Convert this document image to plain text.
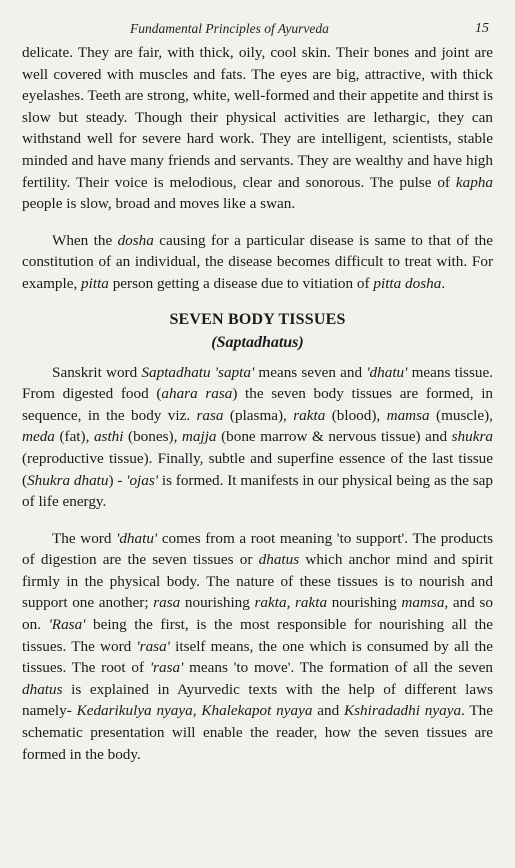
Fundamental Principles of Ayurveda	15

delicate. They are fair, with thick, oily, cool skin. Their bones and joint are well covered with muscles and fats. The eyes are big, attractive, with thick eyelashes. Teeth are strong, white, well-formed and their appetite and thirst is slow but steady. Though their physical activities are lethargic, they can withstand well for severe hard work. They are intelligent, scientists, stable minded and have many friends and servants. They are wealthy and have high fertility. Their voice is melodious, clear and sonorous. The pulse of kapha people is slow, broad and moves like a swan.

When the dosha causing for a particular disease is same to that of the constitution of an individual, the disease becomes difficult to treat with. For example, pitta person getting a disease due to vitiation of pitta dosha.

SEVEN BODY TISSUES
(Saptadhatus)

Sanskrit word Saptadhatu 'sapta' means seven and 'dhatu' means tissue. From digested food (ahara rasa) the seven body tissues are formed, in sequence, in the body viz. rasa (plasma), rakta (blood), mamsa (muscle), meda (fat), asthi (bones), majja (bone marrow & nervous tissue) and shukra (reproductive tissue). Finally, subtle and superfine essence of the last tissue (Shukra dhatu) - 'ojas' is formed. It manifests in our physical being as the sap of life energy.

The word 'dhatu' comes from a root meaning 'to support'. The products of digestion are the seven tissues or dhatus which anchor mind and spirit firmly in the physical body. The nature of these tissues is to nourish and support one another; rasa nourishing rakta, rakta nourishing mamsa, and so on. 'Rasa' being the first, is the most responsible for nourishing all the tissues. The word 'rasa' itself means, the one which is consumed by all the tissues. The root of 'rasa' means 'to move'. The formation of all the seven dhatus is explained in Ayurvedic texts with the help of different laws namely- Kedarikulya nyaya, Khalekapot nyaya and Kshiradadhi nyaya. The schematic presentation will enable the reader, how the seven tissues are formed in the body.
